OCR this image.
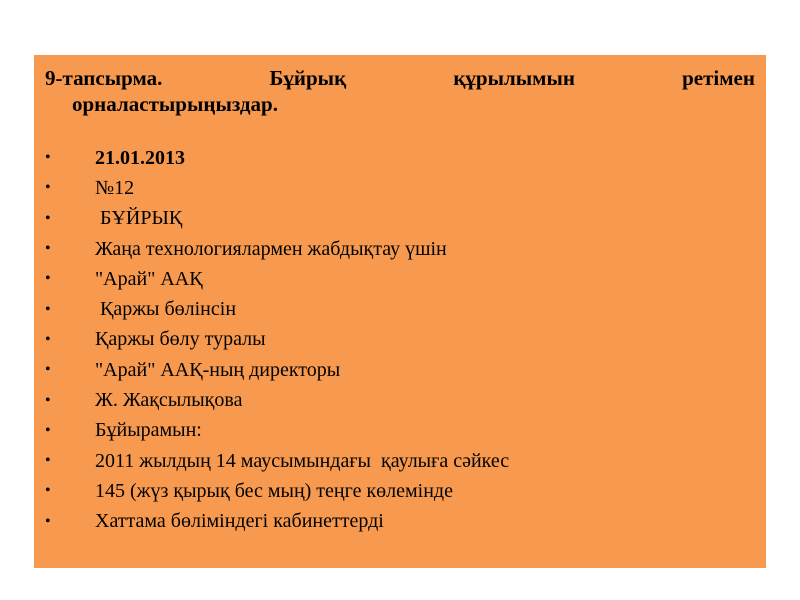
9-тапсырма.	Бұйрық	құрылымын	ретімен
орналастырыңыздар.
•	21.01.2013
•	№12
•	БҰЙРЫҚ
•	Жаңа технологиялармен жабдықтау үшін
•	"Арай" ААҚ
•	Қаржы бөлінсін
•	Қаржы бөлу туралы
•	"Арай" ААҚ-ның директоры
•	Ж. Жақсылықова
•	Бұйырамын:
•	2011 жылдың 14 маусымындағы  қаулыға сәйкес
•	145 (жүз қырық бес мың) теңге көлемінде
•	Хаттама бөліміндегі кабинеттерді
